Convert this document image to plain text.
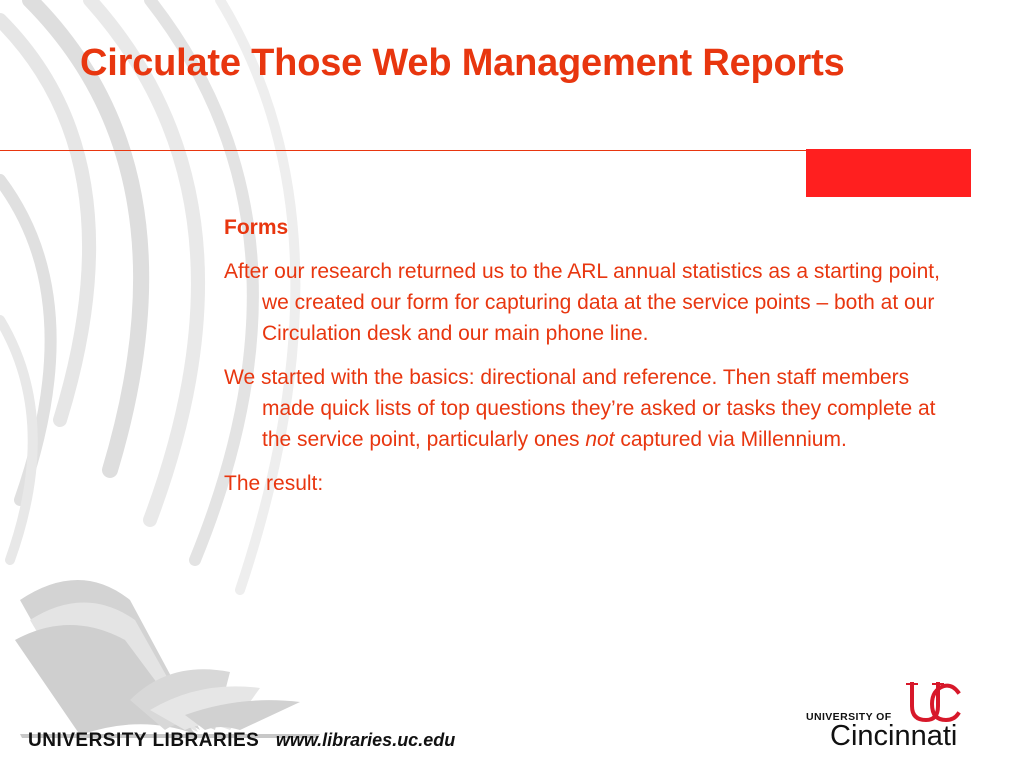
Circulate Those Web Management Reports

Forms

After our research returned us to the ARL annual statistics as a starting point, we created our form for capturing data at the service points – both at our Circulation desk and our main phone line.

We started with the basics: directional and reference. Then staff members made quick lists of top questions they’re asked or tasks they complete at the service point, particularly ones not captured via Millennium.

The result:

UNIVERSITY LIBRARIES www.libraries.uc.edu
UNIVERSITY OF
Cincinnati
